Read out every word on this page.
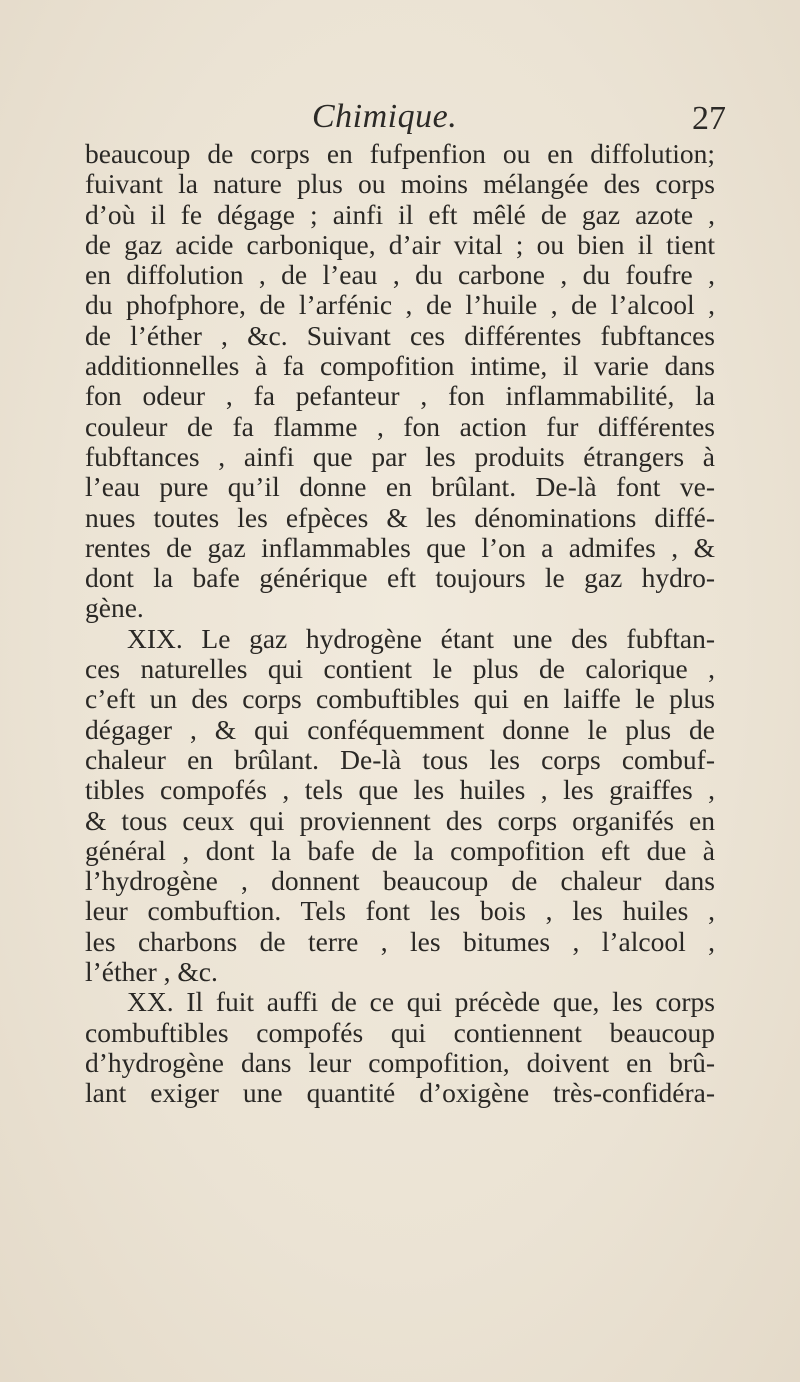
Chimique.	27
beaucoup de corps en fufpenfion ou en diffolution;
fuivant la nature plus ou moins mélangée des corps
d’où il fe dégage ; ainfi il eft mêlé de gaz azote ,
de gaz acide carbonique, d’air vital ; ou bien il tient
en diffolution , de l’eau , du carbone , du foufre ,
du phofphore, de l’arfénic , de l’huile , de l’alcool ,
de l’éther , &c. Suivant ces différentes fubftances
additionnelles à fa compofition intime, il varie dans
fon odeur , fa pefanteur , fon inflammabilité, la
couleur de fa flamme , fon action fur différentes
fubftances , ainfi que par les produits étrangers à
l’eau pure qu’il donne en brûlant. De-là font ve-
nues toutes les efpèces & les dénominations diffé-
rentes de gaz inflammables que l’on a admifes , &
dont la bafe générique eft toujours le gaz hydro-
gène.
XIX. Le gaz hydrogène étant une des fubftan-
ces naturelles qui contient le plus de calorique ,
c’eft un des corps combuftibles qui en laiffe le plus
dégager , & qui conféquemment donne le plus de
chaleur en brûlant. De-là tous les corps combuf-
tibles compofés , tels que les huiles , les graiffes ,
& tous ceux qui proviennent des corps organifés en
général , dont la bafe de la compofition eft due à
l’hydrogène , donnent beaucoup de chaleur dans
leur combuftion. Tels font les bois , les huiles ,
les charbons de terre , les bitumes , l’alcool ,
l’éther , &c.
XX. Il fuit auffi de ce qui précède que, les corps
combuftibles compofés qui contiennent beaucoup
d’hydrogène dans leur compofition, doivent en brû-
lant exiger une quantité d’oxigène très-confidéra-
